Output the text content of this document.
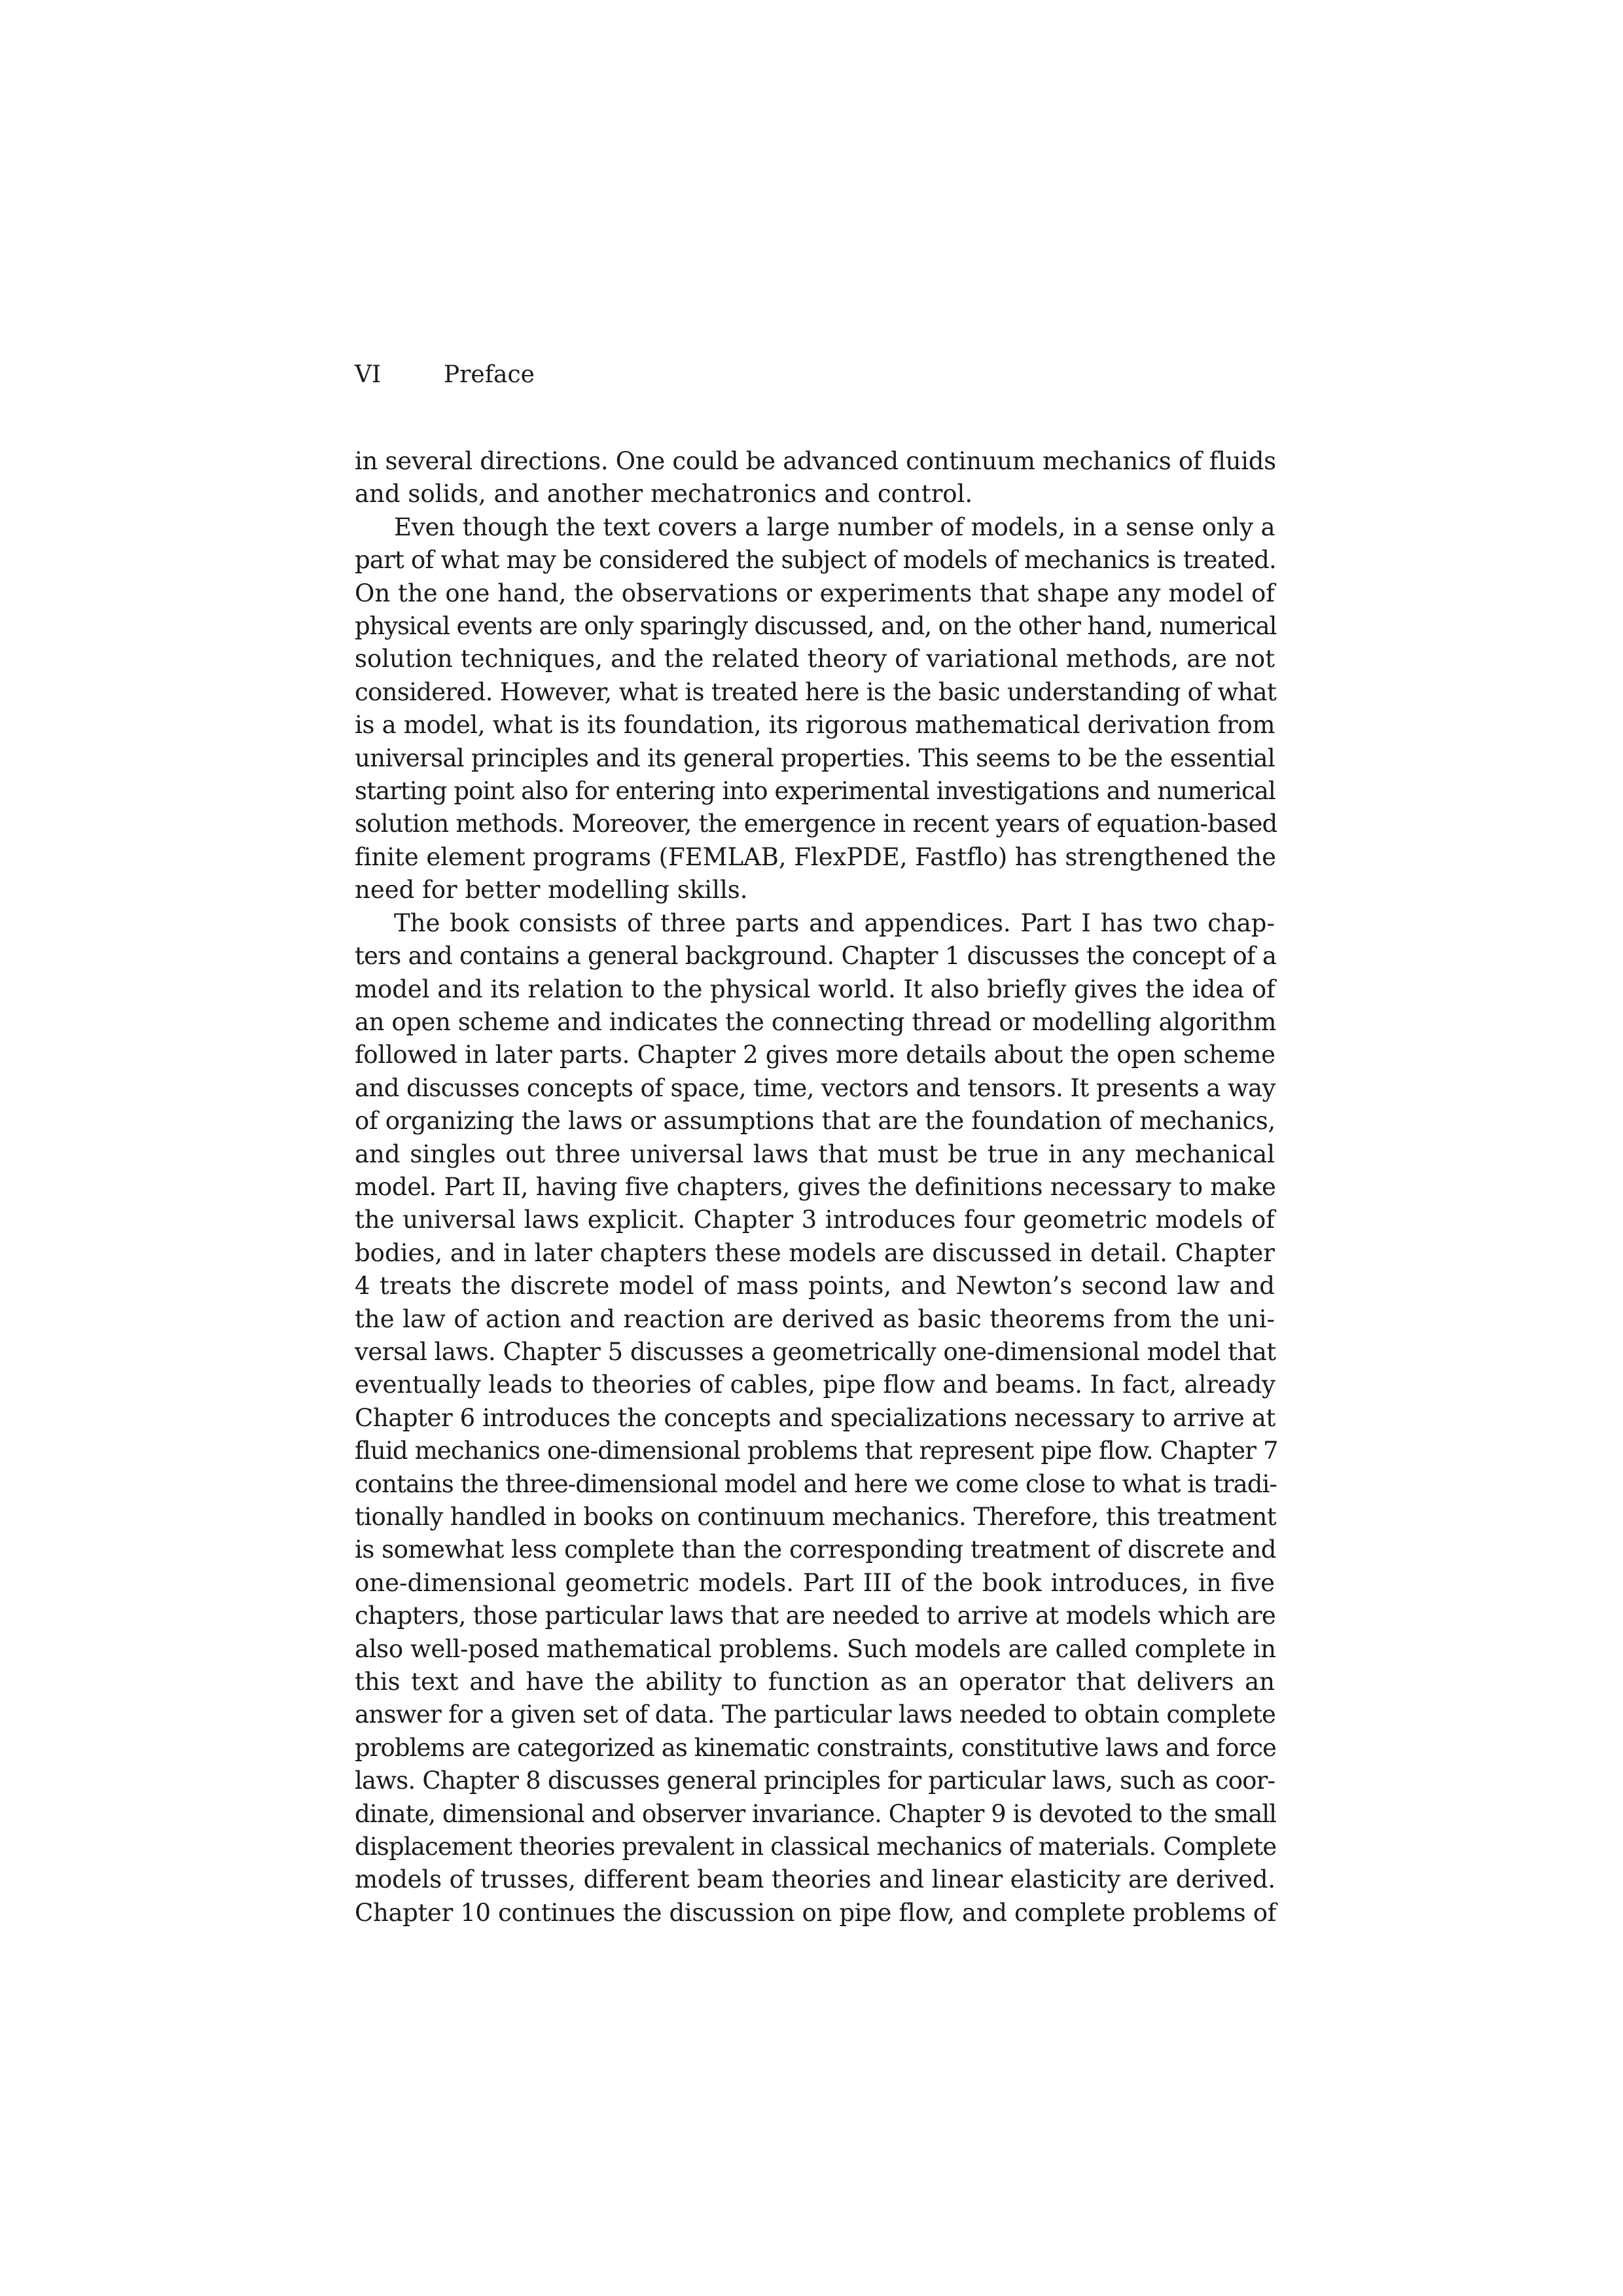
VI	Preface
in several directions. One could be advanced continuum mechanics of fluids
and solids, and another mechatronics and control.
Even though the text covers a large number of models, in a sense only a
part of what may be considered the subject of models of mechanics is treated.
On the one hand, the observations or experiments that shape any model of
physical events are only sparingly discussed, and, on the other hand, numerical
solution techniques, and the related theory of variational methods, are not
considered. However, what is treated here is the basic understanding of what
is a model, what is its foundation, its rigorous mathematical derivation from
universal principles and its general properties. This seems to be the essential
starting point also for entering into experimental investigations and numerical
solution methods. Moreover, the emergence in recent years of equation-based
finite element programs (FEMLAB, FlexPDE, Fastflo) has strengthened the
need for better modelling skills.
The book consists of three parts and appendices. Part I has two chap-
ters and contains a general background. Chapter 1 discusses the concept of a
model and its relation to the physical world. It also briefly gives the idea of
an open scheme and indicates the connecting thread or modelling algorithm
followed in later parts. Chapter 2 gives more details about the open scheme
and discusses concepts of space, time, vectors and tensors. It presents a way
of organizing the laws or assumptions that are the foundation of mechanics,
and singles out three universal laws that must be true in any mechanical
model. Part II, having five chapters, gives the definitions necessary to make
the universal laws explicit. Chapter 3 introduces four geometric models of
bodies, and in later chapters these models are discussed in detail. Chapter
4 treats the discrete model of mass points, and Newton’s second law and
the law of action and reaction are derived as basic theorems from the uni-
versal laws. Chapter 5 discusses a geometrically one-dimensional model that
eventually leads to theories of cables, pipe flow and beams. In fact, already
Chapter 6 introduces the concepts and specializations necessary to arrive at
fluid mechanics one-dimensional problems that represent pipe flow. Chapter 7
contains the three-dimensional model and here we come close to what is tradi-
tionally handled in books on continuum mechanics. Therefore, this treatment
is somewhat less complete than the corresponding treatment of discrete and
one-dimensional geometric models. Part III of the book introduces, in five
chapters, those particular laws that are needed to arrive at models which are
also well-posed mathematical problems. Such models are called complete in
this text and have the ability to function as an operator that delivers an
answer for a given set of data. The particular laws needed to obtain complete
problems are categorized as kinematic constraints, constitutive laws and force
laws. Chapter 8 discusses general principles for particular laws, such as coor-
dinate, dimensional and observer invariance. Chapter 9 is devoted to the small
displacement theories prevalent in classical mechanics of materials. Complete
models of trusses, different beam theories and linear elasticity are derived.
Chapter 10 continues the discussion on pipe flow, and complete problems of
